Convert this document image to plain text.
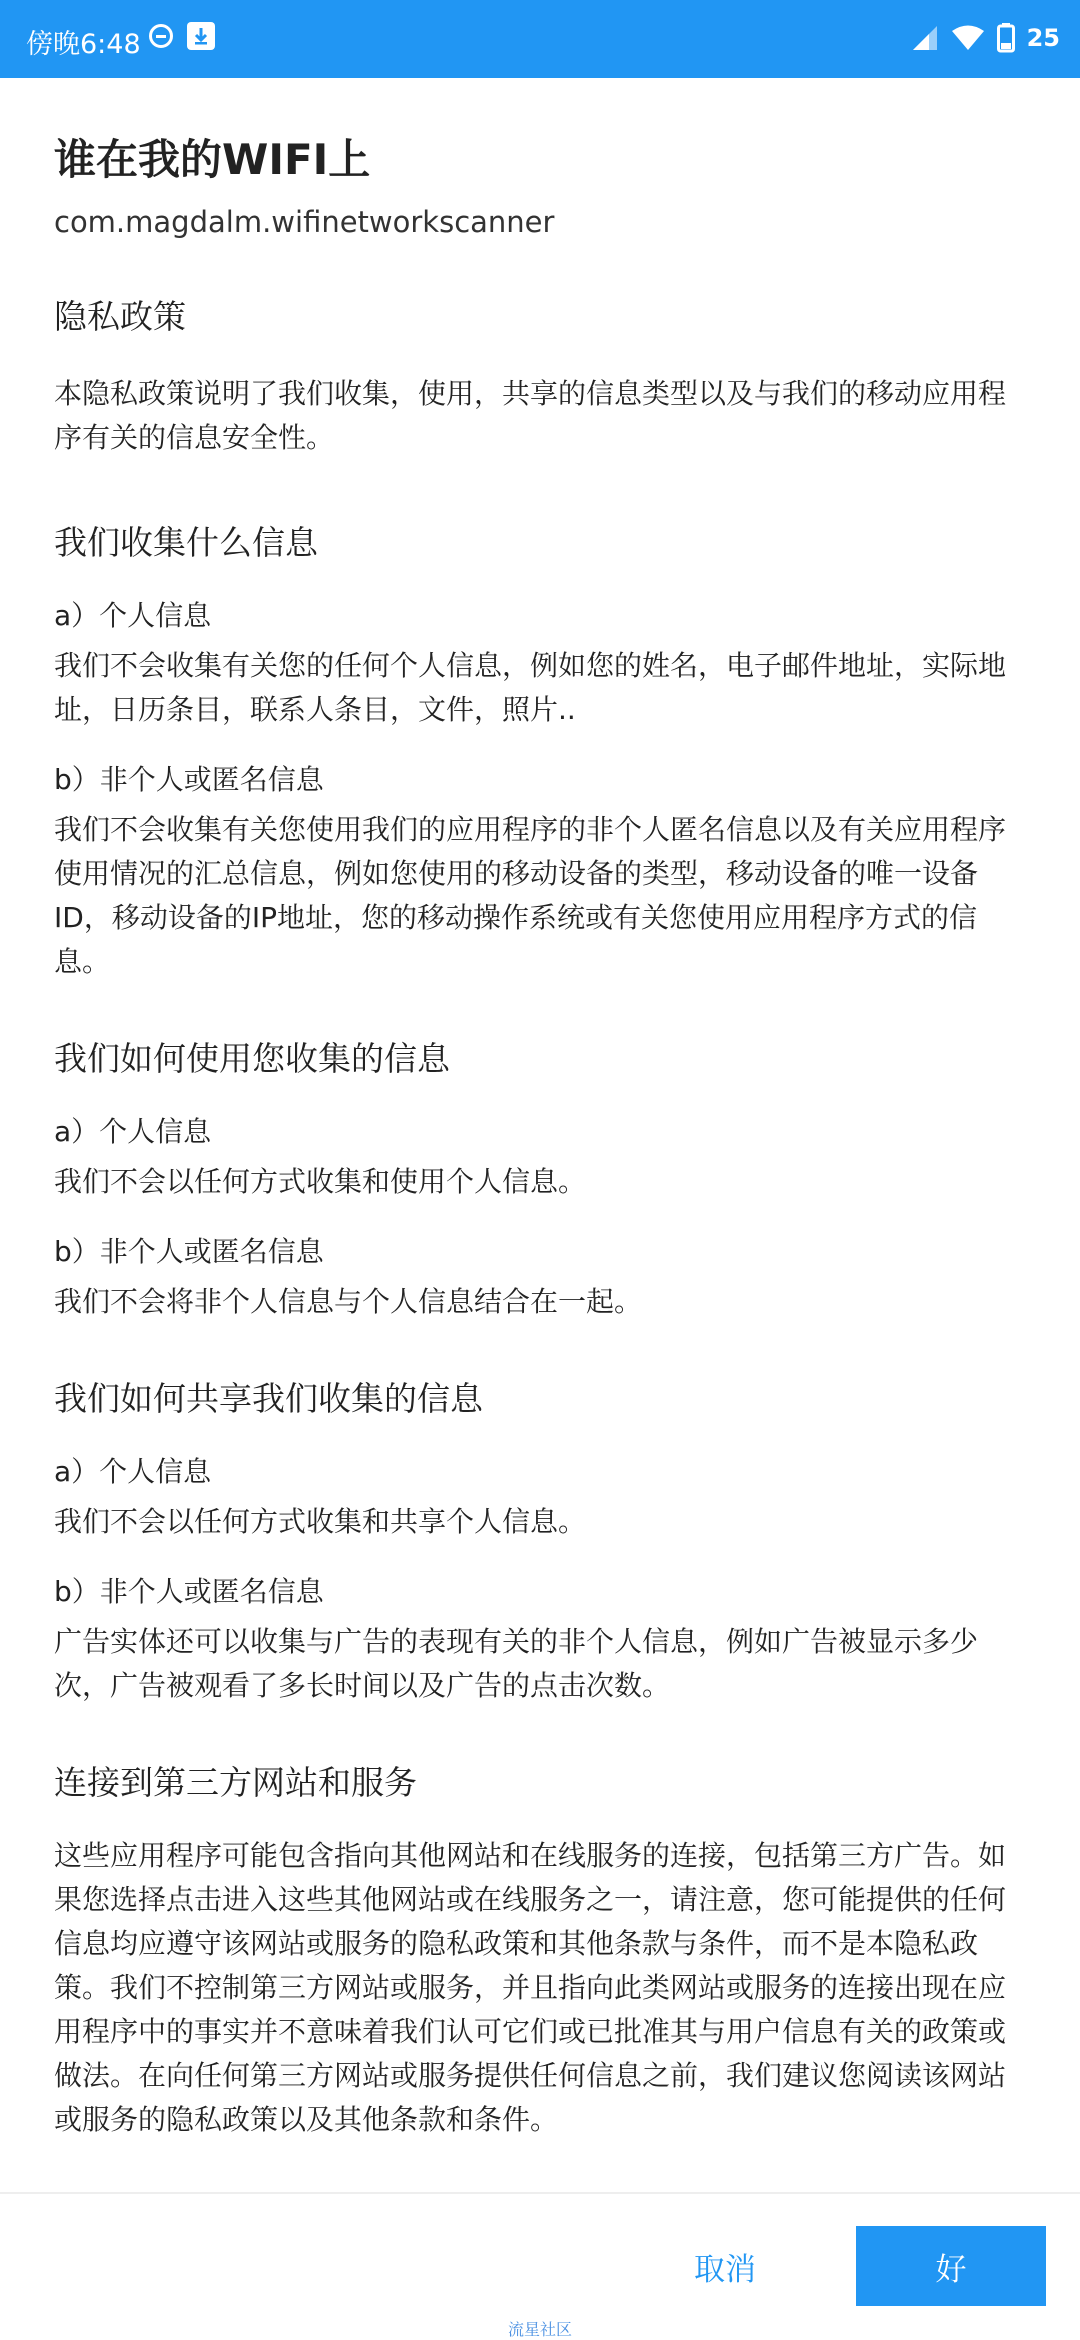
傍晚6:48	25
谁在我的WIFI上
com.magdalm.wifinetworkscanner
隐私政策
本隐私政策说明了我们收集，使用，共享的信息类型以及与我们的移动应用程序有关的信息安全性。
我们收集什么信息
a）个人信息
我们不会收集有关您的任何个人信息，例如您的姓名，电子邮件地址，实际地址，日历条目，联系人条目，文件，照片..
b）非个人或匿名信息
我们不会收集有关您使用我们的应用程序的非个人匿名信息以及有关应用程序使用情况的汇总信息，例如您使用的移动设备的类型，移动设备的唯一设备ID，移动设备的IP地址，您的移动操作系统或有关您使用应用程序方式的信息。
我们如何使用您收集的信息
a）个人信息
我们不会以任何方式收集和使用个人信息。
b）非个人或匿名信息
我们不会将非个人信息与个人信息结合在一起。
我们如何共享我们收集的信息
a）个人信息
我们不会以任何方式收集和共享个人信息。
b）非个人或匿名信息
广告实体还可以收集与广告的表现有关的非个人信息，例如广告被显示多少次，广告被观看了多长时间以及广告的点击次数。
连接到第三方网站和服务
这些应用程序可能包含指向其他网站和在线服务的连接，包括第三方广告。如果您选择点击进入这些其他网站或在线服务之一，请注意，您可能提供的任何信息均应遵守该网站或服务的隐私政策和其他条款与条件，而不是本隐私政策。我们不控制第三方网站或服务，并且指向此类网站或服务的连接出现在应用程序中的事实并不意味着我们认可它们或已批准其与用户信息有关的政策或做法。在向任何第三方网站或服务提供任何信息之前，我们建议您阅读该网站或服务的隐私政策以及其他条款和条件。
取消	好
流星社区
